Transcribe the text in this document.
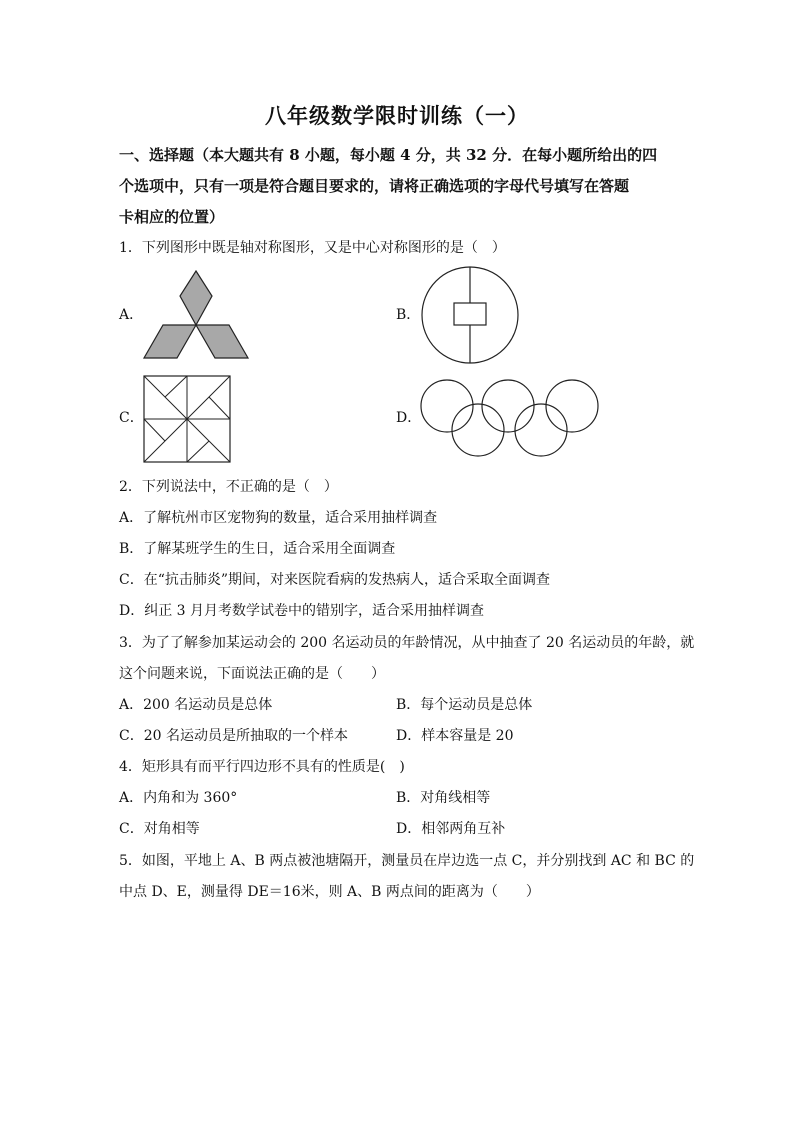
八年级数学限时训练（一）
一、选择题（本大题共有 8 小题，每小题 4 分，共 32 分．在每小题所给出的四
个选项中，只有一项是符合题目要求的，请将正确选项的字母代号填写在答题
卡相应的位置）
1．下列图形中既是轴对称图形，又是中心对称图形的是（　）
A．	B．
C．	D．
2．下列说法中，不正确的是（　）
A．了解杭州市区宠物狗的数量，适合采用抽样调查
B．了解某班学生的生日，适合采用全面调查
C．在“抗击肺炎”期间，对来医院看病的发热病人，适合采取全面调查
D．纠正 3 月月考数学试卷中的错别字，适合采用抽样调查
3．为了了解参加某运动会的 200 名运动员的年龄情况，从中抽查了 20 名运动员的年龄，就
这个问题来说，下面说法正确的是（　　）
A．200 名运动员是总体	B．每个运动员是总体
C．20 名运动员是所抽取的一个样本	D．样本容量是 20
4．矩形具有而平行四边形不具有的性质是(　)
A．内角和为 360°	B．对角线相等
C．对角相等	D．相邻两角互补
5．如图，平地上 A、B 两点被池塘隔开，测量员在岸边选一点 C，并分别找到 AC 和 BC 的
中点 D、E，测量得 DE＝16米，则 A、B 两点间的距离为（　　）
